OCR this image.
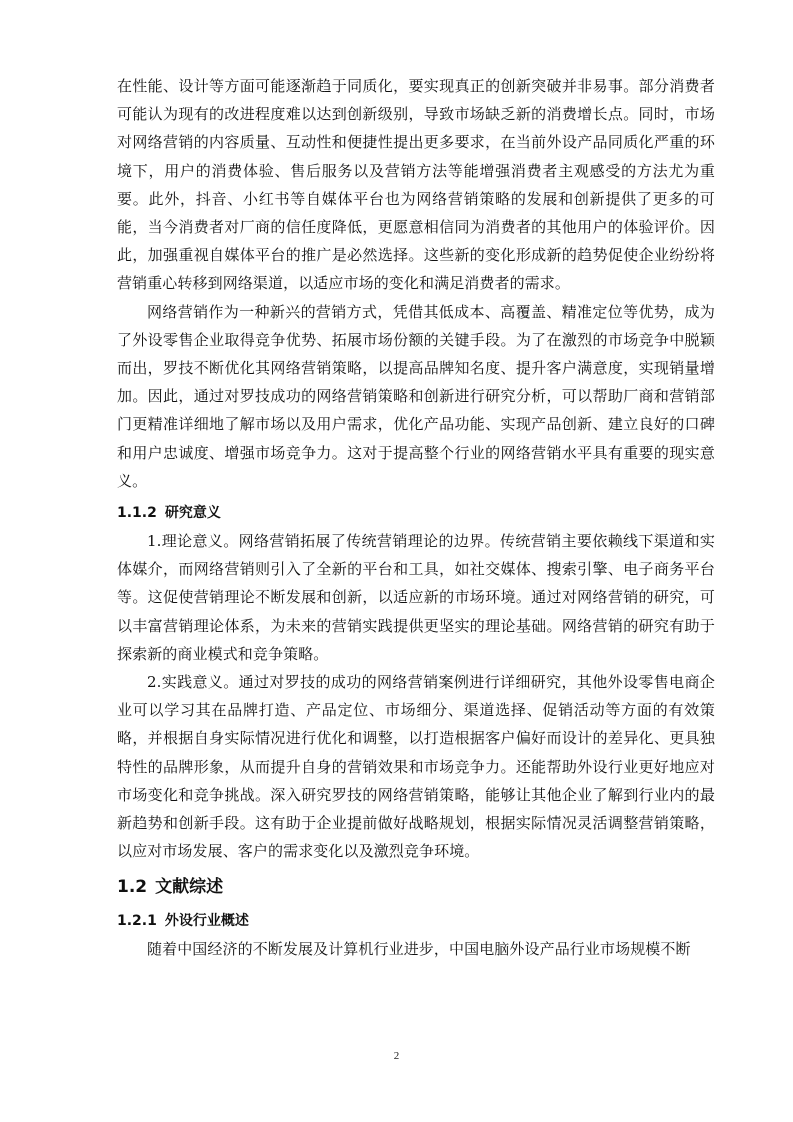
在性能、设计等方面可能逐渐趋于同质化，要实现真正的创新突破并非易事。部分消费者可能认为现有的改进程度难以达到创新级别，导致市场缺乏新的消费增长点。同时，市场对网络营销的内容质量、互动性和便捷性提出更多要求，在当前外设产品同质化严重的环境下，用户的消费体验、售后服务以及营销方法等能增强消费者主观感受的方法尤为重要。此外，抖音、小红书等自媒体平台也为网络营销策略的发展和创新提供了更多的可能，当今消费者对厂商的信任度降低，更愿意相信同为消费者的其他用户的体验评价。因此，加强重视自媒体平台的推广是必然选择。这些新的变化形成新的趋势促使企业纷纷将营销重心转移到网络渠道，以适应市场的变化和满足消费者的需求。

网络营销作为一种新兴的营销方式，凭借其低成本、高覆盖、精准定位等优势，成为了外设零售企业取得竞争优势、拓展市场份额的关键手段。为了在激烈的市场竞争中脱颖而出，罗技不断优化其网络营销策略，以提高品牌知名度、提升客户满意度，实现销量增加。因此，通过对罗技成功的网络营销策略和创新进行研究分析，可以帮助厂商和营销部门更精准详细地了解市场以及用户需求，优化产品功能、实现产品创新、建立良好的口碑和用户忠诚度、增强市场竞争力。这对于提高整个行业的网络营销水平具有重要的现实意义。

1.1.2 研究意义

1.理论意义。网络营销拓展了传统营销理论的边界。传统营销主要依赖线下渠道和实体媒介，而网络营销则引入了全新的平台和工具，如社交媒体、搜索引擎、电子商务平台等。这促使营销理论不断发展和创新，以适应新的市场环境。通过对网络营销的研究，可以丰富营销理论体系，为未来的营销实践提供更坚实的理论基础。网络营销的研究有助于探索新的商业模式和竞争策略。

2.实践意义。通过对罗技的成功的网络营销案例进行详细研究，其他外设零售电商企业可以学习其在品牌打造、产品定位、市场细分、渠道选择、促销活动等方面的有效策略，并根据自身实际情况进行优化和调整，以打造根据客户偏好而设计的差异化、更具独特性的品牌形象，从而提升自身的营销效果和市场竞争力。还能帮助外设行业更好地应对市场变化和竞争挑战。深入研究罗技的网络营销策略，能够让其他企业了解到行业内的最新趋势和创新手段。这有助于企业提前做好战略规划，根据实际情况灵活调整营销策略，以应对市场发展、客户的需求变化以及激烈竞争环境。

1.2 文献综述
1.2.1 外设行业概述

随着中国经济的不断发展及计算机行业进步，中国电脑外设产品行业市场规模不断

2
